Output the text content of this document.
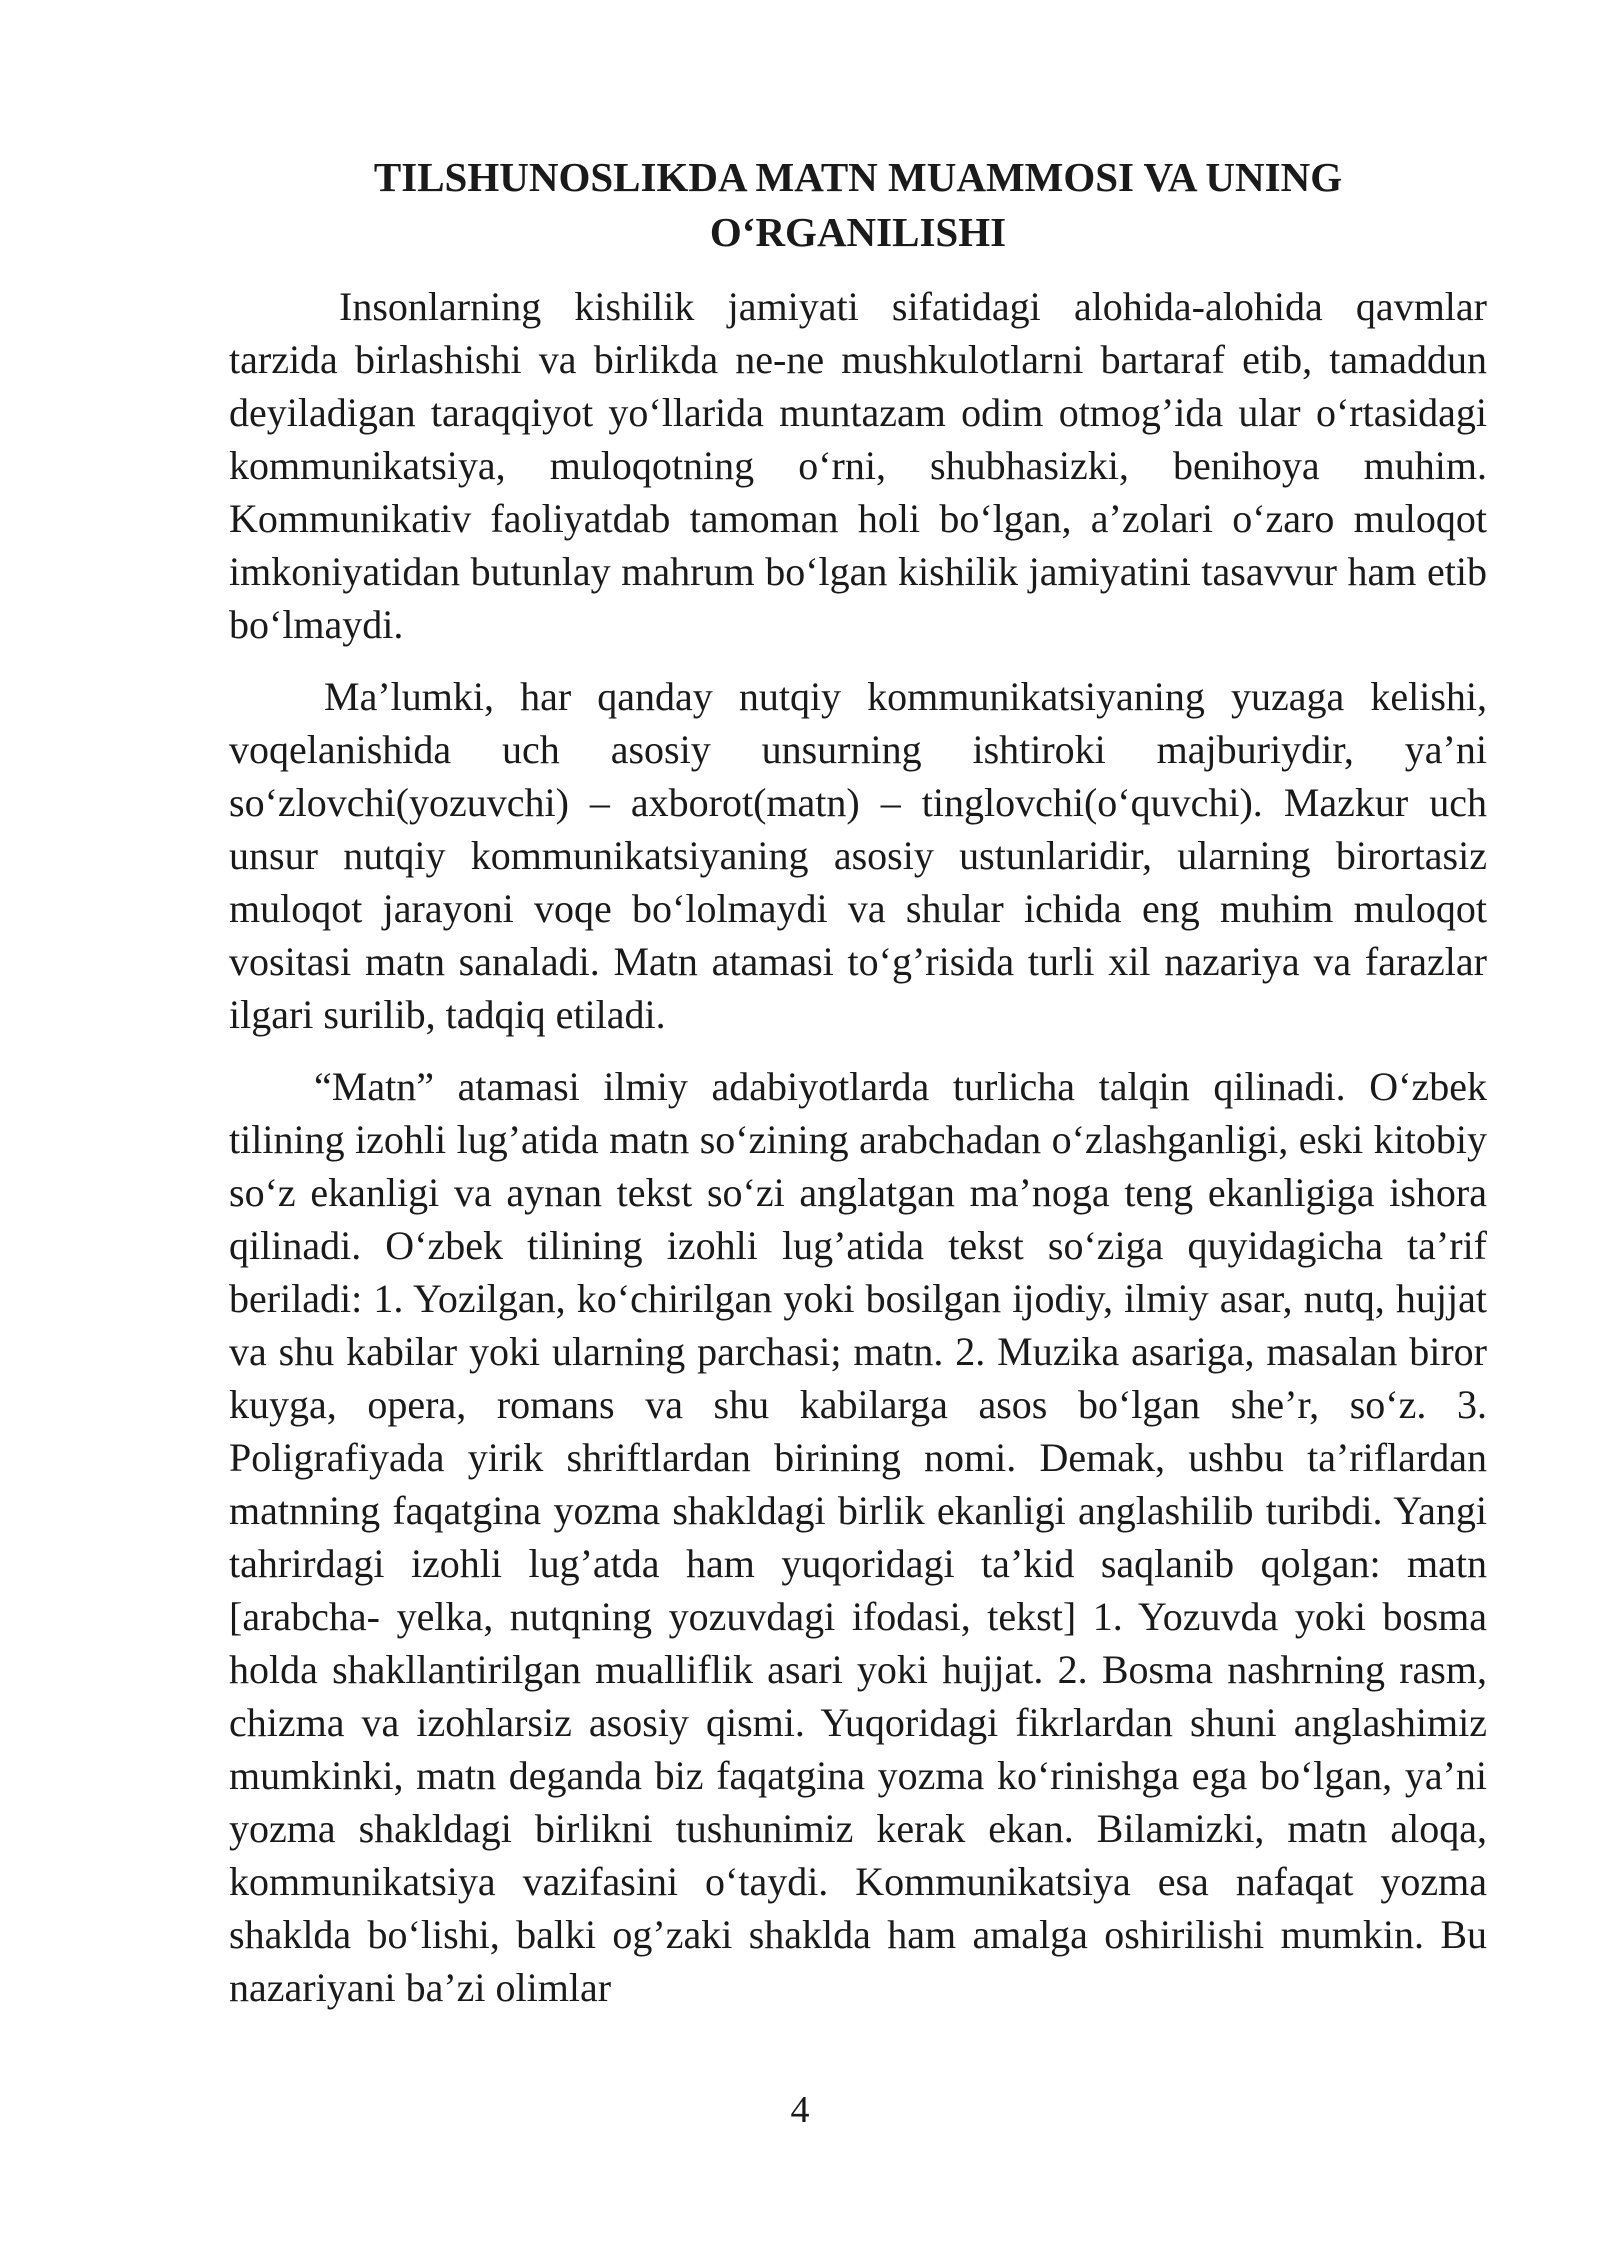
TILSHUNOSLIKDA MATN MUAMMOSI VA UNING
O‘RGANILISHI

Insonlarning kishilik jamiyati sifatidagi alohida-alohida qavmlar tarzida birlashishi va birlikda ne-ne mushkulotlarni bartaraf etib, tamaddun deyiladigan taraqqiyot yo‘llarida muntazam odim otmog’ida ular o‘rtasidagi kommunikatsiya, muloqotning o‘rni, shubhasizki, benihoya muhim. Kommunikativ faoliyatdab tamoman holi bo‘lgan, a’zolari o‘zaro muloqot imkoniyatidan butunlay mahrum bo‘lgan kishilik jamiyatini tasavvur ham etib bo‘lmaydi.

Ma’lumki, har qanday nutqiy kommunikatsiyaning yuzaga kelishi, voqelanishida uch asosiy unsurning ishtiroki majburiydir, ya’ni so‘zlovchi(yozuvchi) – axborot(matn) – tinglovchi(o‘quvchi). Mazkur uch unsur nutqiy kommunikatsiyaning asosiy ustunlaridir, ularning birortasiz muloqot jarayoni voqe bo‘lolmaydi va shular ichida eng muhim muloqot vositasi matn sanaladi. Matn atamasi to‘g’risida turli xil nazariya va farazlar ilgari surilib, tadqiq etiladi.

“Matn” atamasi ilmiy adabiyotlarda turlicha talqin qilinadi. O‘zbek tilining izohli lug’atida matn so‘zining arabchadan o‘zlashganligi, eski kitobiy so‘z ekanligi va aynan tekst so‘zi anglatgan ma’noga teng ekanligiga ishora qilinadi. O‘zbek tilining izohli lug’atida tekst so‘ziga quyidagicha ta’rif beriladi: 1. Yozilgan, ko‘chirilgan yoki bosilgan ijodiy, ilmiy asar, nutq, hujjat va shu kabilar yoki ularning parchasi; matn. 2. Muzika asariga, masalan biror kuyga, opera, romans va shu kabilarga asos bo‘lgan she’r, so‘z. 3. Poligrafiyada yirik shriftlardan birining nomi. Demak, ushbu ta’riflardan matnning faqatgina yozma shakldagi birlik ekanligi anglashilib turibdi. Yangi tahrirdagi izohli lug’atda ham yuqoridagi ta’kid saqlanib qolgan: matn [arabcha- yelka, nutqning yozuvdagi ifodasi, tekst] 1. Yozuvda yoki bosma holda shakllantirilgan mualliflik asari yoki hujjat. 2. Bosma nashrning rasm, chizma va izohlarsiz asosiy qismi. Yuqoridagi fikrlardan shuni anglashimiz mumkinki, matn deganda biz faqatgina yozma ko‘rinishga ega bo‘lgan, ya’ni yozma shakldagi birlikni tushunimiz kerak ekan. Bilamizki, matn aloqa, kommunikatsiya vazifasini o‘taydi. Kommunikatsiya esa nafaqat yozma shaklda bo‘lishi, balki og’zaki shaklda ham amalga oshirilishi mumkin. Bu nazariyani ba’zi olimlar

4
